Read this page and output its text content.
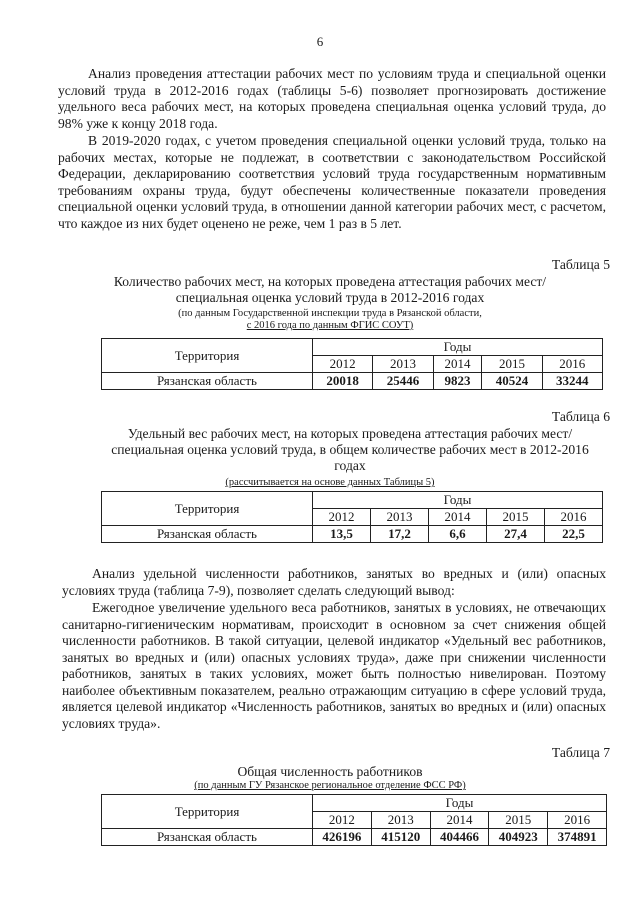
6

Анализ проведения аттестации рабочих мест по условиям труда и специальной оценки условий труда в 2012-2016 годах (таблицы 5-6) позволяет прогнозировать достижение удельного веса рабочих мест, на которых проведена специальная оценка условий труда, до 98% уже к концу 2018 года.

В 2019-2020 годах, с учетом проведения специальной оценки условий труда, только на рабочих местах, которые не подлежат, в соответствии с законодательством Российской Федерации, декларированию соответствия условий труда государственным нормативным требованиям охраны труда, будут обеспечены количественные показатели проведения специальной оценки условий труда, в отношении данной категории рабочих мест, с расчетом, что каждое из них будет оценено не реже, чем 1 раз в 5 лет.

Таблица 5

Количество рабочих мест, на которых проведена аттестация рабочих мест/специальная оценка условий труда в 2012-2016 годах

(по данным Государственной инспекции труда в Рязанской области,

с 2016 года по данным ФГИС СОУТ)

Территория	Годы				
	2012	2013	2014	2015	2016
Рязанская область	20018	25446	9823	40524	33244
Таблица 6

Удельный вес рабочих мест, на которых проведена аттестация рабочих мест/специальная оценка условий труда, в общем количестве рабочих мест в 2012-2016 годах

(рассчитывается на основе данных Таблицы 5)

Территория	Годы				
	2012	2013	2014	2015	2016
Рязанская область	13,5	17,2	6,6	27,4	22,5

Анализ удельной численности работников, занятых во вредных и (или) опасных условиях труда (таблица 7-9), позволяет сделать следующий вывод:

Ежегодное увеличение удельного веса работников, занятых в условиях, не отвечающих санитарно-гигиеническим нормативам, происходит в основном за счет снижения общей численности работников. В такой ситуации, целевой индикатор «Удельный вес работников, занятых во вредных и (или) опасных условиях труда», даже при снижении численности работников, занятых в таких условиях, может быть полностью нивелирован. Поэтому наиболее объективным показателем, реально отражающим ситуацию в сфере условий труда, является целевой индикатор «Численность работников, занятых во вредных и (или) опасных условиях труда».

Таблица 7

Общая численность работников

(по данным ГУ Рязанское региональное отделение ФСС РФ)

Территория	Годы				
	2012	2013	2014	2015	2016
Рязанская область	426196	415120	404466	404923	374891
